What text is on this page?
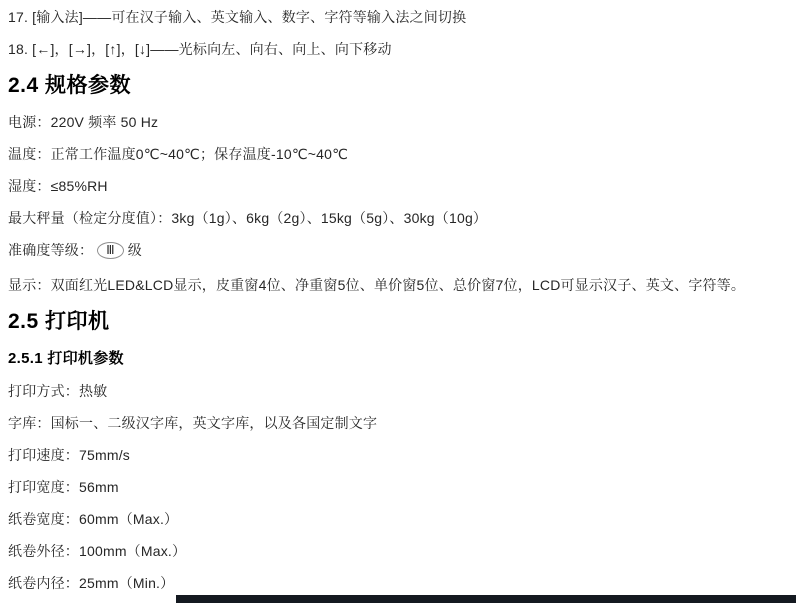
17. [输入法]——可在汉子输入、英文输入、数字、字符等输入法之间切换

18. [←]，[→]，[↑]，[↓]——光标向左、向右、向上、向下移动

2.4 规格参数

电源：220V 频率 50 Hz

温度：正常工作温度0℃~40℃；保存温度-10℃~40℃

湿度：≤85%RH

最大秤量（检定分度值）：3kg（1g）、6kg（2g）、15kg（5g）、30kg（10g）

准确度等级： Ⅲ 级

显示：双面红光LED&LCD显示，皮重窗4位、净重窗5位、单价窗5位、总价窗7位，LCD可显示汉子、英文、字符等。

2.5 打印机
2.5.1 打印机参数

打印方式：热敏

字库：国标一、二级汉字库，英文字库，以及各国定制文字

打印速度：75mm/s

打印宽度：56mm

纸卷宽度：60mm（Max.）

纸卷外径：100mm（Max.）

纸卷内径：25mm（Min.）
